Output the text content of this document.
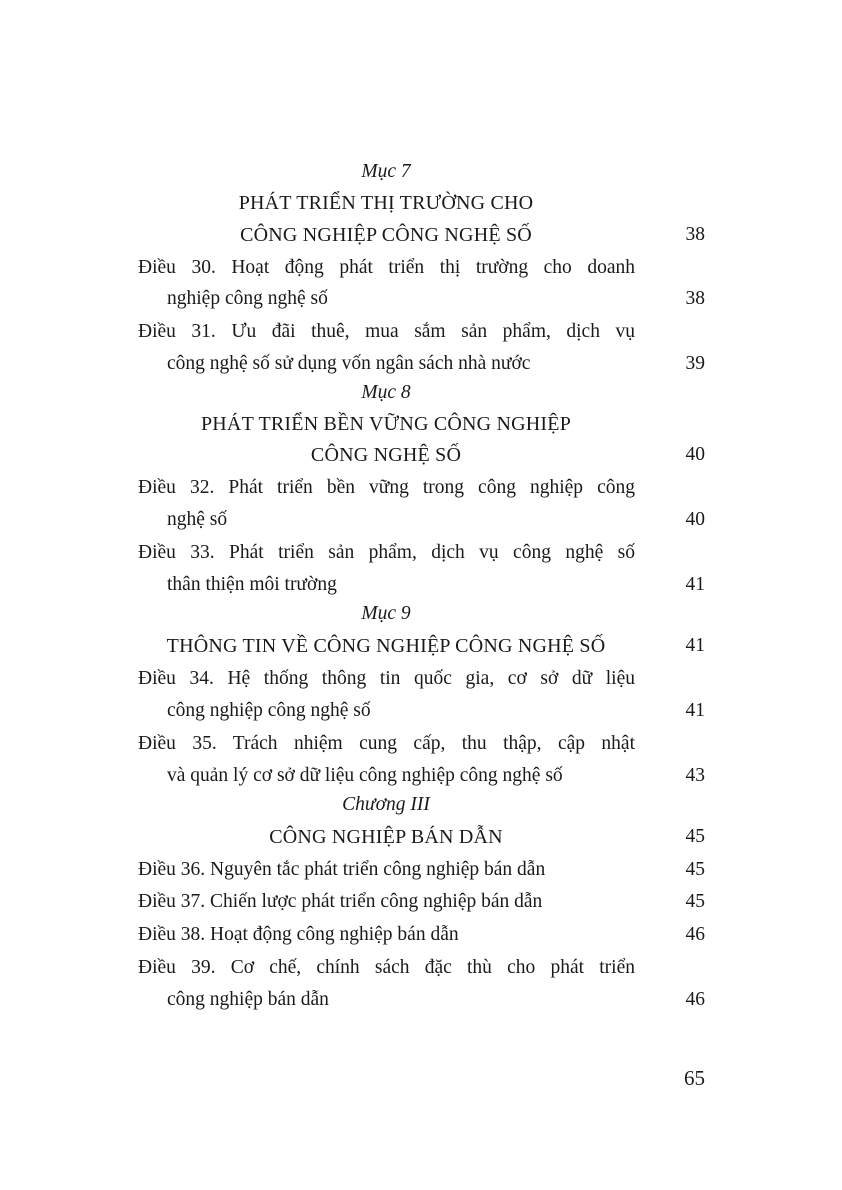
Mục 7
PHÁT TRIỂN THỊ TRƯỜNG CHO
CÔNG NGHIỆP CÔNG NGHỆ SỐ	38
Điều 30. Hoạt động phát triển thị trường cho doanh
nghiệp công nghệ số	38
Điều 31. Ưu đãi thuê, mua sắm sản phẩm, dịch vụ
công nghệ số sử dụng vốn ngân sách nhà nước	39
Mục 8
PHÁT TRIỂN BỀN VỮNG CÔNG NGHIỆP
CÔNG NGHỆ SỐ	40
Điều 32. Phát triển bền vững trong công nghiệp công
nghệ số	40
Điều 33. Phát triển sản phẩm, dịch vụ công nghệ số
thân thiện môi trường	41
Mục 9
THÔNG TIN VỀ CÔNG NGHIỆP CÔNG NGHỆ SỐ	41
Điều 34. Hệ thống thông tin quốc gia, cơ sở dữ liệu
công nghiệp công nghệ số	41
Điều 35. Trách nhiệm cung cấp, thu thập, cập nhật
và quản lý cơ sở dữ liệu công nghiệp công nghệ số	43
Chương III
CÔNG NGHIỆP BÁN DẪN	45
Điều 36. Nguyên tắc phát triển công nghiệp bán dẫn	45
Điều 37. Chiến lược phát triển công nghiệp bán dẫn	45
Điều 38. Hoạt động công nghiệp bán dẫn	46
Điều 39. Cơ chế, chính sách đặc thù cho phát triển
công nghiệp bán dẫn	46
65
